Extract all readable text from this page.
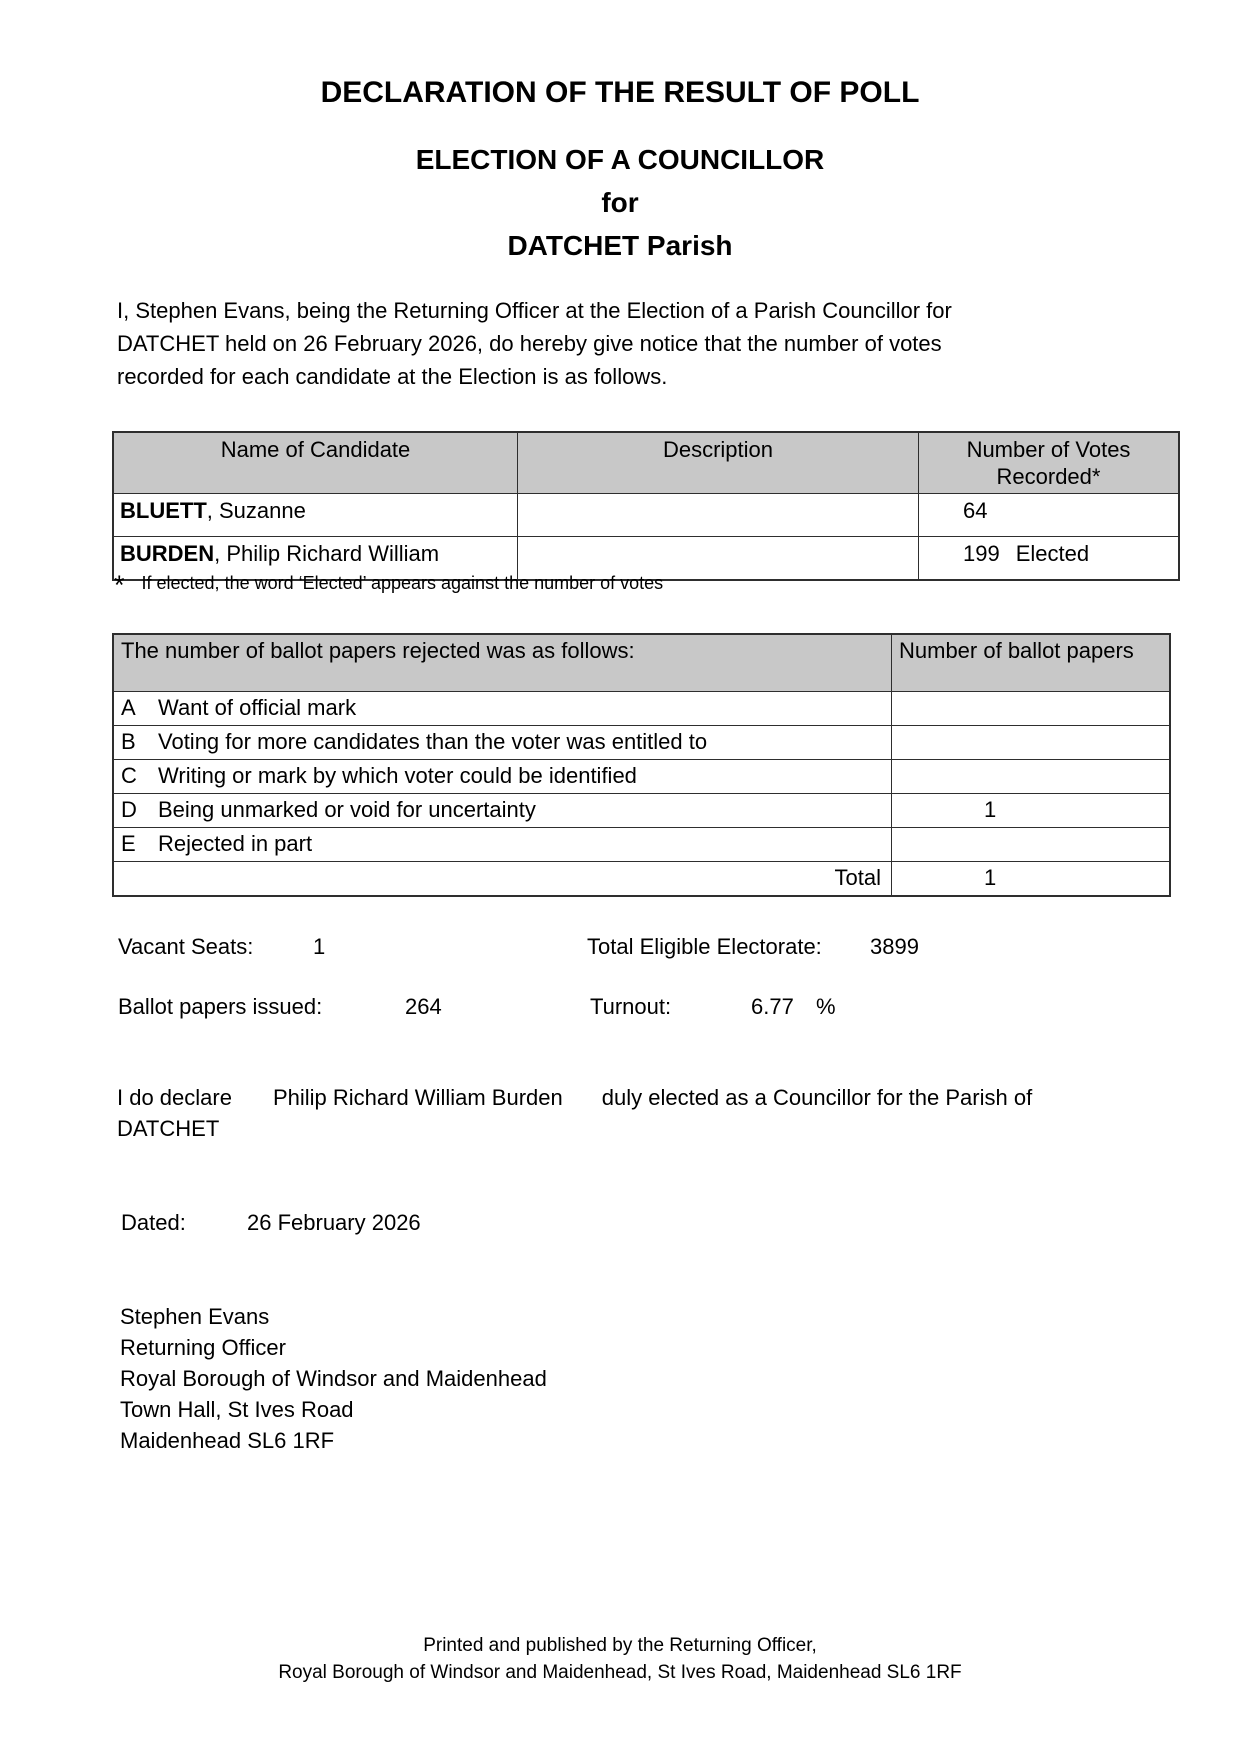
DECLARATION OF THE RESULT OF POLL
ELECTION OF A COUNCILLOR
for
DATCHET Parish
I, Stephen Evans, being the Returning Officer at the Election of a Parish Councillor for
DATCHET held on 26 February 2026, do hereby give notice that the number of votes
recorded for each candidate at the Election is as follows.
Name of Candidate	Description	Number of Votes Recorded*
BLUETT, Suzanne		64
BURDEN, Philip Richard William		199 Elected
* If elected, the word ‘Elected’ appears against the number of votes
The number of ballot papers rejected was as follows:	Number of ballot papers
A Want of official mark	
B Voting for more candidates than the voter was entitled to	
C Writing or mark by which voter could be identified	
D Being unmarked or void for uncertainty	1
E Rejected in part	
Total	1
Vacant Seats:	1	Total Eligible Electorate: 3899
Ballot papers issued:	264	Turnout:	6.77 %
I do declare Philip Richard William Burden duly elected as a Councillor for the Parish of
DATCHET
Dated:	26 February 2026
Stephen Evans
Returning Officer
Royal Borough of Windsor and Maidenhead
Town Hall, St Ives Road
Maidenhead SL6 1RF
Printed and published by the Returning Officer,
Royal Borough of Windsor and Maidenhead, St Ives Road, Maidenhead SL6 1RF
